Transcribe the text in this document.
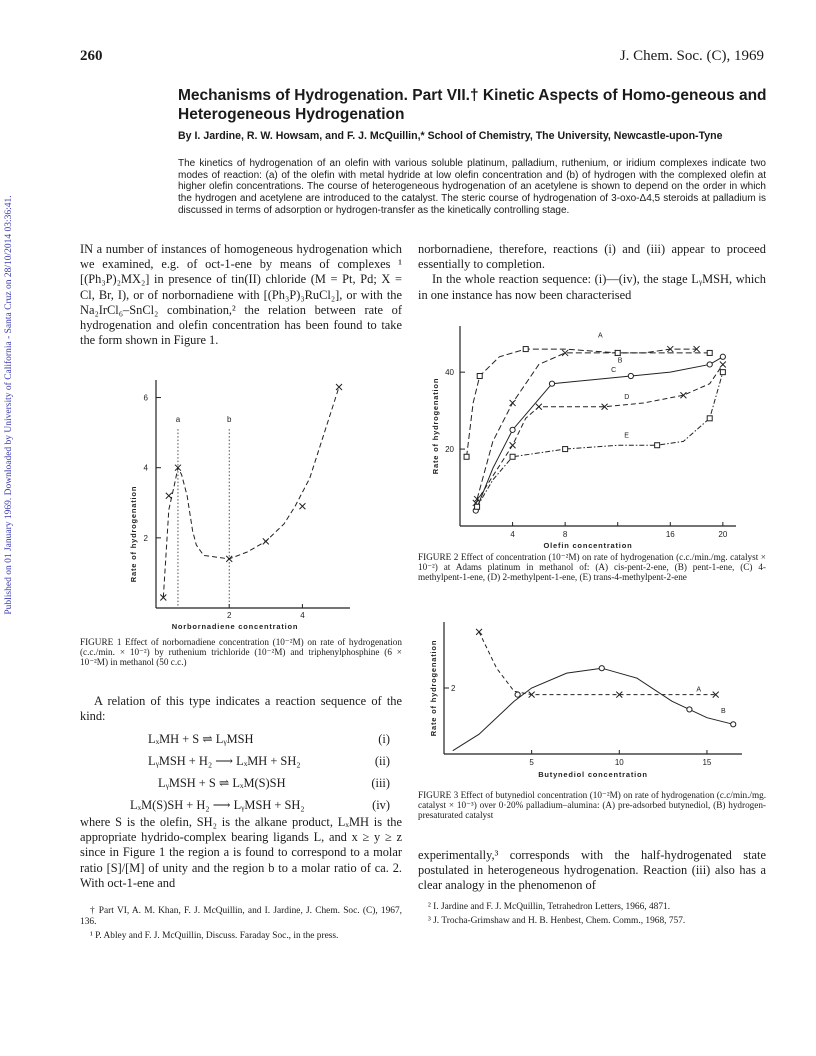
Published on 01 January 1969. Downloaded by University of California - Santa Cruz on 28/10/2014 03:36:41.
260	J. Chem. Soc. (C), 1969
Mechanisms of Hydrogenation. Part VII.† Kinetic Aspects of Homo-geneous and Heterogeneous Hydrogenation
By I. Jardine, R. W. Howsam, and F. J. McQuillin,* School of Chemistry, The University, Newcastle-upon-Tyne
The kinetics of hydrogenation of an olefin with various soluble platinum, palladium, ruthenium, or iridium complexes indicate two modes of reaction: (a) of the olefin with metal hydride at low olefin concentration and (b) of hydrogen with the complexed olefin at higher olefin concentrations. The course of heterogeneous hydrogenation of an acetylene is shown to depend on the order in which the hydrogen and acetylene are introduced to the catalyst. The steric course of hydrogenation of 3-oxo-Δ4,5 steroids at palladium is discussed in terms of adsorption or hydrogen-transfer as the kinetically controlling stage.

IN a number of instances of homogeneous hydrogenation which we examined, e.g. of oct-1-ene by means of complexes ¹ [(Ph₃P)₂MX₂] in presence of tin(II) chloride (M = Pt, Pd; X = Cl, Br, I), or of norbornadiene with [(Ph₃P)₃RuCl₂], or with the Na₂IrCl₆–SnCl₂ combination,² the relation between rate of hydrogenation and olefin concentration has been found to take the form shown in Figure 1.

2
4
6
2	4
Norbornadiene concentration
Rate of hydrogenation
a	b
FIGURE 1 Effect of norbornadiene concentration (10⁻²M) on rate of hydrogenation (c.c./min. × 10⁻²) by ruthenium trichloride (10⁻²M) and triphenylphosphine (6 × 10⁻²M) in methanol (50 c.c.)

A relation of this type indicates a reaction sequence of the kind:

LₓMH + S ⇌ LᵧMSH	(i)
LᵧMSH + H₂ ⟶ LₓMH + SH₂	(ii)
LᵧMSH + S ⇌ LₓM(S)SH	(iii)
LₓM(S)SH + H₂ ⟶ LᵧMSH + SH₂	(iv)

where S is the olefin, SH₂ is the alkane product, LₓMH is the appropriate hydrido-complex bearing ligands L, and x ≥ y ≥ z since in Figure 1 the region a is found to correspond to a molar ratio [S]/[M] of unity and the region b to a molar ratio of ca. 2. With oct-1-ene and

† Part VI, A. M. Khan, F. J. McQuillin, and I. Jardine, J. Chem. Soc. (C), 1967, 136.

¹ P. Abley and F. J. McQuillin, Discuss. Faraday Soc., in the press.

norbornadiene, therefore, reactions (i) and (iii) appear to proceed essentially to completion.

In the whole reaction sequence: (i)—(iv), the stage LᵧMSH, which in one instance has now been characterised

20
40
4	8	16	20
Olefin concentration
Rate of hydrogenation
A
B
C
D
E
FIGURE 2 Effect of concentration (10⁻²M) on rate of hydrogenation (c.c./min./mg. catalyst × 10⁻²) at Adams platinum in methanol of: (A) cis-pent-2-ene, (B) pent-1-ene, (C) 4-methylpent-1-ene, (D) 2-methylpent-1-ene, (E) trans-4-methylpent-2-ene
2
5	10	15
Butynediol concentration
Rate of hydrogenation	A
B
FIGURE 3 Effect of butynediol concentration (10⁻²M) on rate of hydrogenation (c.c/min./mg. catalyst × 10⁻³) over 0·20% palladium–alumina: (A) pre-adsorbed butynediol, (B) hydrogen-presaturated catalyst

experimentally,³ corresponds with the half-hydrogenated state postulated in heterogeneous hydrogenation. Reaction (iii) also has a clear analogy in the phenomenon of

² I. Jardine and F. J. McQuillin, Tetrahedron Letters, 1966, 4871.

³ J. Trocha-Grimshaw and H. B. Henbest, Chem. Comm., 1968, 757.
